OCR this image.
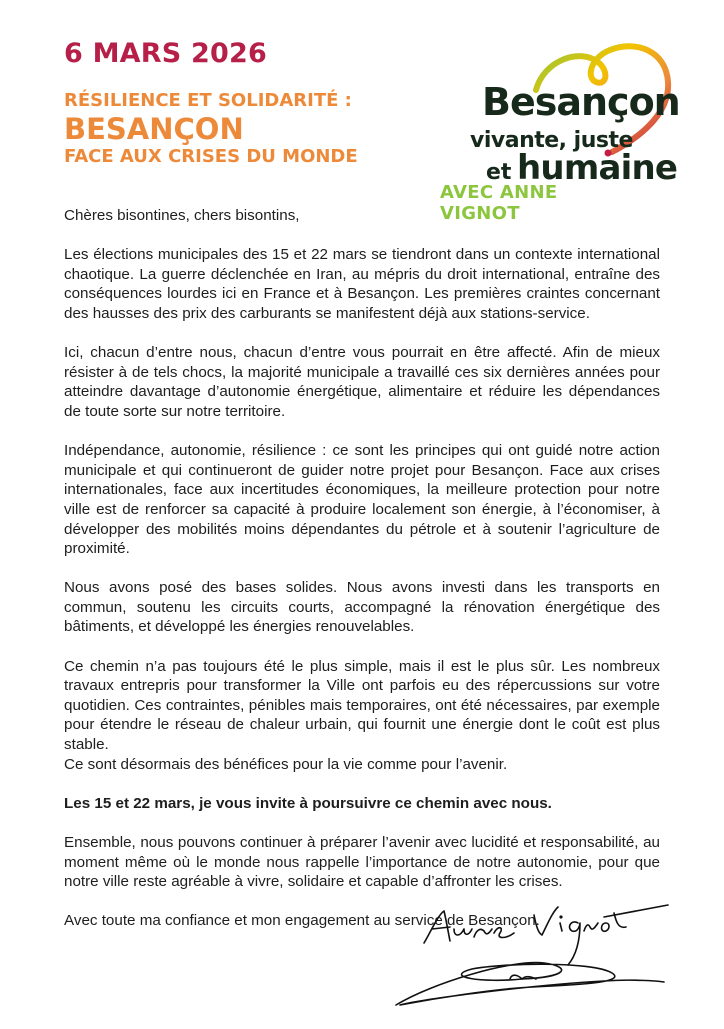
6 MARS 2026
RÉSILIENCE ET SOLIDARITÉ :
BESANÇON
FACE AUX CRISES DU MONDE
Besançon
vivante, juste
et humaine
AVEC ANNE VIGNOT

Chères bisontines, chers bisontins,

Les élections municipales des 15 et 22 mars se tiendront dans un contexte international chaotique. La guerre déclenchée en Iran, au mépris du droit international, entraîne des conséquences lourdes ici en France et à Besançon. Les premières craintes concernant des hausses des prix des carburants se manifestent déjà aux stations-service.

Ici, chacun d’entre nous, chacun d’entre vous pourrait en être affecté. Afin de mieux résister à de tels chocs, la majorité municipale a travaillé ces six dernières années pour atteindre davantage d’autonomie énergétique, alimentaire et réduire les dépendances de toute sorte sur notre territoire.

Indépendance, autonomie, résilience : ce sont les principes qui ont guidé notre action municipale et qui continueront de guider notre projet pour Besançon. Face aux crises internationales, face aux incertitudes économiques, la meilleure protection pour notre ville est de renforcer sa capacité à produire localement son énergie, à l’économiser, à développer des mobilités moins dépendantes du pétrole et à soutenir l’agriculture de proximité.

Nous avons posé des bases solides. Nous avons investi dans les transports en commun, soutenu les circuits courts, accompagné la rénovation énergétique des bâtiments, et développé les énergies renouvelables.

Ce chemin n’a pas toujours été le plus simple, mais il est le plus sûr. Les nombreux travaux entrepris pour transformer la Ville ont parfois eu des répercussions sur votre quotidien. Ces contraintes, pénibles mais temporaires, ont été nécessaires, par exemple pour étendre le réseau de chaleur urbain, qui fournit une énergie dont le coût est plus stable.

Ce sont désormais des bénéfices pour la vie comme pour l’avenir.

Les 15 et 22 mars, je vous invite à poursuivre ce chemin avec nous.

Ensemble, nous pouvons continuer à préparer l’avenir avec lucidité et responsabilité, au moment même où le monde nous rappelle l’importance de notre autonomie, pour que notre ville reste agréable à vivre, solidaire et capable d’affronter les crises.

Avec toute ma confiance et mon engagement au service de Besançon.
